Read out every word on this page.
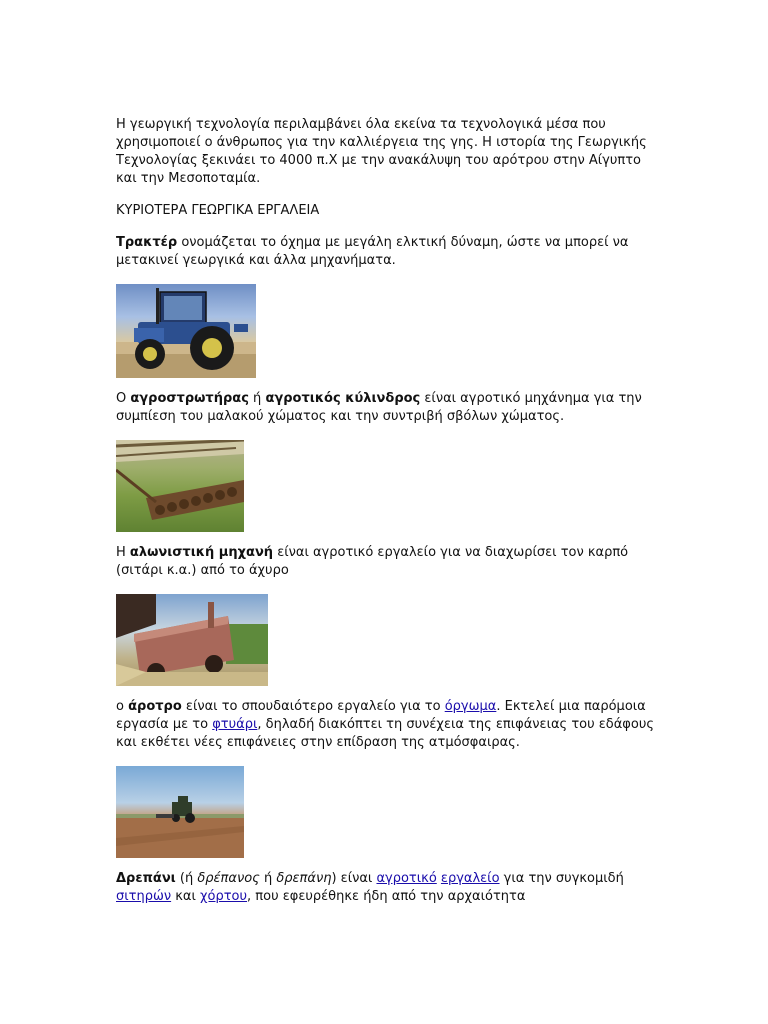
Η γεωργική τεχνολογία περιλαμβάνει όλα εκείνα τα τεχνολογικά μέσα που χρησιμοποιεί ο άνθρωπος για την καλλιέργεια της γης. Η ιστορία της Γεωργικής Τεχνολογίας ξεκινάει το 4000 π.Χ με την ανακάλυψη του αρότρου στην Αίγυπτο και την Μεσοποταμία.

ΚΥΡΙΟΤΕΡΑ ΓΕΩΡΓΙΚΑ ΕΡΓΑΛΕΙΑ

Τρακτέρ ονομάζεται το όχημα με μεγάλη ελκτική δύναμη, ώστε να μπορεί να μετακινεί γεωργικά και άλλα μηχανήματα.

Ο αγροστρωτήρας ή αγροτικός κύλινδρος είναι αγροτικό μηχάνημα για την συμπίεση του μαλακού χώματος και την συντριβή σβόλων χώματος.

Η αλωνιστική μηχανή είναι αγροτικό εργαλείο για να διαχωρίσει τον καρπό (σιτάρι κ.α.) από το άχυρο

ο άροτρο είναι το σπουδαιότερο εργαλείο για το όργωμα. Εκτελεί μια παρόμοια εργασία με το φτυάρι, δηλαδή διακόπτει τη συνέχεια της επιφάνειας του εδάφους και εκθέτει νέες επιφάνειες στην επίδραση της ατμόσφαιρας.

Δρεπάνι (ή δρέπανος ή δρεπάνη) είναι αγροτικό εργαλείο για την συγκομιδή σιτηρών και χόρτου, που εφευρέθηκε ήδη από την αρχαιότητα
